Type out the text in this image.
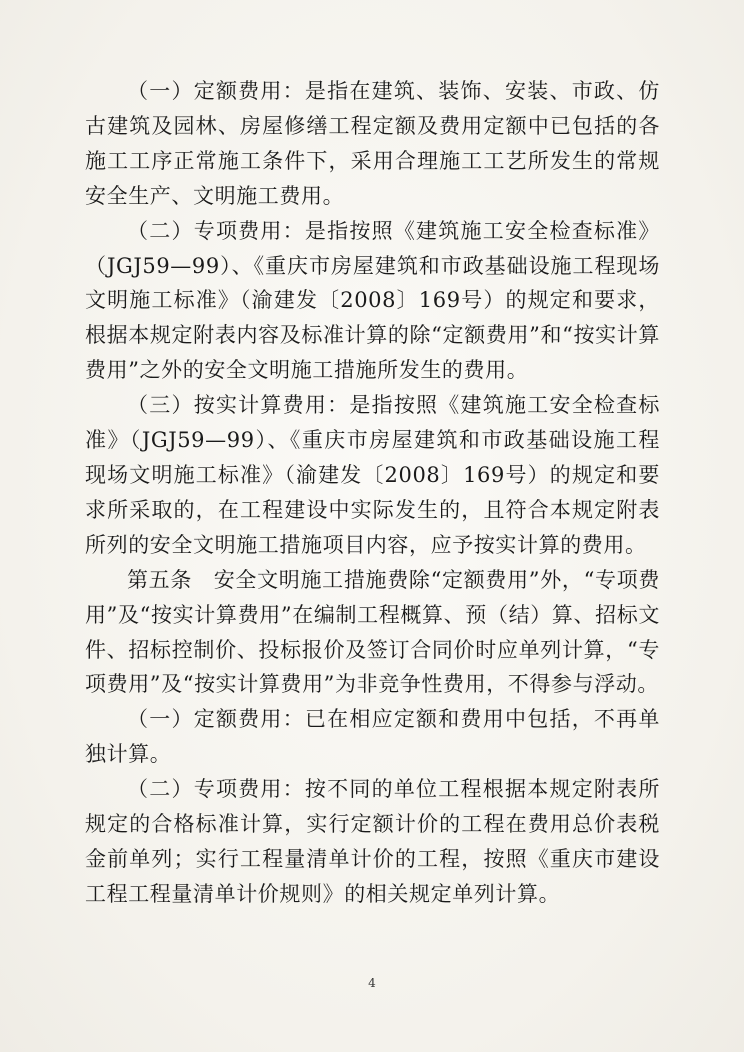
（一）定额费用：是指在建筑、装饰、安装、市政、仿古建筑及园林、房屋修缮工程定额及费用定额中已包括的各施工工序正常施工条件下，采用合理施工工艺所发生的常规安全生产、文明施工费用。

（二）专项费用：是指按照《建筑施工安全检查标准》（JGJ59—99）、《重庆市房屋建筑和市政基础设施工程现场文明施工标准》（渝建发〔2008〕169号）的规定和要求，根据本规定附表内容及标准计算的除“定额费用”和“按实计算费用”之外的安全文明施工措施所发生的费用。

（三）按实计算费用：是指按照《建筑施工安全检查标准》（JGJ59—99）、《重庆市房屋建筑和市政基础设施工程现场文明施工标准》（渝建发〔2008〕169号）的规定和要求所采取的，在工程建设中实际发生的，且符合本规定附表所列的安全文明施工措施项目内容，应予按实计算的费用。

第五条　安全文明施工措施费除“定额费用”外，“专项费用”及“按实计算费用”在编制工程概算、预（结）算、招标文件、招标控制价、投标报价及签订合同价时应单列计算，“专项费用”及“按实计算费用”为非竞争性费用，不得参与浮动。

（一）定额费用：已在相应定额和费用中包括，不再单独计算。

（二）专项费用：按不同的单位工程根据本规定附表所规定的合格标准计算，实行定额计价的工程在费用总价表税金前单列；实行工程量清单计价的工程，按照《重庆市建设工程工程量清单计价规则》的相关规定单列计算。

4
